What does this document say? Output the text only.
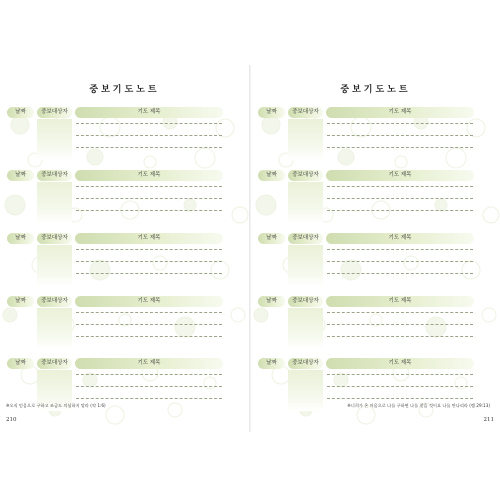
중보기도노트
날짜	중보대상자	기도 제목
날짜	중보대상자	기도 제목
날짜	중보대상자	기도 제목
날짜	중보대상자	기도 제목
날짜	중보대상자	기도 제목
※오직 믿음으로 구하고 조금도 의심하지 말라 (약 1:6)
210
중보기도노트
날짜	중보대상자	기도 제목
날짜	중보대상자	기도 제목
날짜	중보대상자	기도 제목
날짜	중보대상자	기도 제목
날짜	중보대상자	기도 제목
※너희가 온 마음으로 나를 구하면 나를 찾을 것이요 나를 만나리라 (렘 29:13)
211
